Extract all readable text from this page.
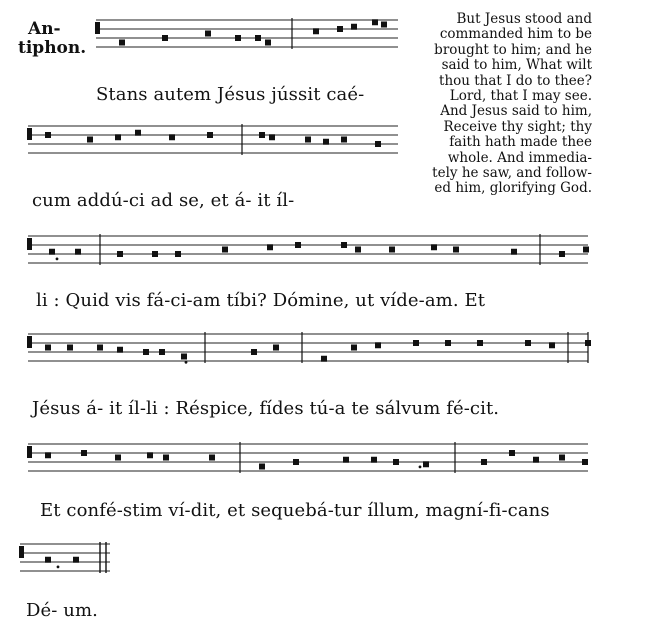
An-
tiphon.
But Jesus stood and
commanded him to be
brought to him; and he
said to him, What wilt
thou that I do to thee?
Lord, that I may see.
And Jesus said to him,
Receive thy sight; thy
faith hath made thee
whole. And immedia-
tely he saw, and follow-
ed him, glorifying God.
Stans autem Jésus jússit caé-
cum addú-ci ad se, et á- it íl-
li : Quid vis fá-ci-am tíbi? Dómine, ut víde-am. Et
Jésus á- it íl-li : Réspice, fídes tú-a te sálvum fé-cit.
Et confé-stim ví-dit, et sequebá-tur íllum, magní-fi-cans
Dé- um.
